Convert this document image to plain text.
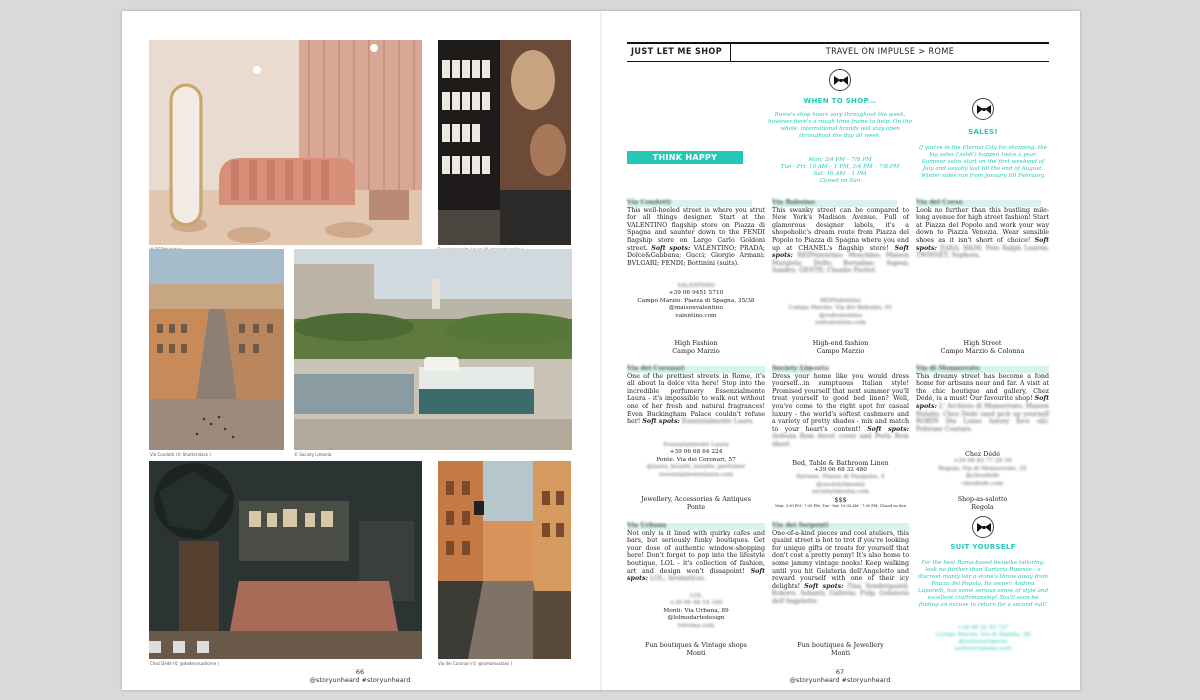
Via Condotti (© Shutterstock )	© Society Limonta
Chez Dédé (© @dedecnsudrome )	Via dei Coronari (© @romamostaisi )
66
@storyunheard #storyunheard
JUST LET ME SHOP	TRAVEL ON IMPULSE > ROME
WHEN TO SHOP...
Rome's shop hours vary throughout the week, however here's a rough time frame to help. On the whole, international brands will stay open throughout the day all week.
Mon: 3/4 PM – 7/8 PM
Tue - Fri: 10 AM – 1 PM, 3/4 PM – 7/8 PM
Sat: 10 AM – 1 PM
Closed on Sun
SALES!
If you're in the Eternal City for shopping, the big sales ('saldi') happen twice a year. Summer sales start on the first weekend of July and usually last till the end of August. Winter sales run from January till February.
THINK HAPPY THOUGHTS

Via Condotti

This well-heeled street is where you strut for all things designer. Start at the VALENTINO flagship store on Piazza di Spagna and saunter down to the FENDI flagship store on Largo Carlo Goldoni street. Soft spots: VALENTINO; PRADA; Dolce&Gabbana; Gucci; Giorgio Armani; BVLGARI; FENDI; Bottinini (suits).

VALENTINO
+39 06 9451 5710
Campo Marzio: Piazza di Spagna, 35/38
@maisonvalentino
valentino.com
High Fashion
Campo Marzio

Via Babuino

This swanky street can be compared to New York's Madison Avenue. Full of glamorous designer labels, it's a shopoholic's dream route from Piazza del Popolo to Piazza di Spagna where you end up at CHANEL's flagship store! Soft spots: REDValentino; Moschino; Maison Margiela; Delfo; Borsaline; Aspesi; Sandro; GENTE; Claudie Pierlot.

REDValentino
Campo Marzio: Via del Babuino, 61
@redvalentino
redvalentino.com
High-end fashion
Campo Marzio

Via del Corso

Look no further than this bustling mile-long avenue for high street fashion! Start at Piazza del Popolo and work your way down to Piazza Venezia. Wear sensible shoes as it isn't short of choice! Soft spots: ZARA; H&M; Polo Ralph Lauren; TWINSET; Sephora.

High Street
Campo Marzio & Colonna

Via dei Coronari

One of the prettiest streets in Rome, it's all about la dolce vita here! Stop into the incredible perfumery Essenzialmente Laura - it's impossible to walk out without one of her fresh and natural fragrances! Even Buckingham Palace couldn't refuse her! Soft spots: Essenzialmente Laura

Essenzialmente Laura
+39 06 68 64 224
Ponte: Via dei Coronari, 57
@laura_bosetti_tonatto_perfumer
essenzialmentelaura.com
Jewellery, Accessories & Antiques
Ponte

Society Limonta

Dress your home like you would dress yourself...in sumptuous Italian style! Promised yourself that next summer you'll treat yourself to good bed linen? Well, you've come to the right spot for casual luxury - the world's softest cashmere and a variety of pretty shades - mix and match to your heart's content! Soft spots: Ardesia Rem duvet cover and Perla Rem sheet.

Bed, Table & Bathroom Linen
+39 06 68 32 480
Parione: Piazza di Pasquino, 4
@societylimonta
societylimonta.com
$$$
Mon: 3:30 PM - 7:30 PM; Tue - Sat: 10:30 AM - 7:30 PM; Closed on Sun

Via di Monserrato

This dreamy street has become a fond home for artisans near and far. A visit at the chic boutique and gallery, Chez Dédé, is a must! Our favourite shop! Soft spots: L' Archivio di Monserrato; Maison Halaby; Chez Dédé (and pick up yourself ROBIN Dia Lusso luxury face oil); Poltrone Couture.

Chez Dédé
+39 06 83 77 29 34
Regola: Via di Monserrato, 35
@chezdede
chezdede.com
Shop-as-salotto
Regola

Via Urbana

Not only is it lined with quirky cafes and bars, but seriously funky boutiques. Get your dose of authentic window-shopping here! Don't forget to pop into the lifestyle boutique, LOL - it's collection of fashion, art and design won't dissapoint! Soft spots: LOL; Aromaticus.

LOL
+39 06 48 14 160
Monti: Via Urbana, 89
@lolmodartedesign
lolroma.com
Fun boutiques & Vintage shops
Monti

Via dei Serpenti

One-of-a-kind pieces and cool ateliers, this quaint street is hot to trot if you're looking for unique gifts or treats for yourself that don't cost a pretty penny! It's also home to some jammy vintage nooks! Keep walking until you hit Gelateria dell'Angeletto and reward yourself with one of their icy delights! Soft spots: Tina Sondergaard; Kokoro; Ashanti; Galleria; Pulp; Gelateria dell'Angeletto.

Fun boutiques & Jewellery
Monti
SUIT YOURSELF
For the best Roma-based bespoke tailoring, look no further than Sartoria Ripense - a discreet manly lair a stone's throw away from Piazza del Popolo. Its owner, Andrea Luparelli, has some serious sense of style and excellent craftsmanship! You'll soon be finding an excuse to return for a second suit!
+39 06 32 50 737
Campo Marzio: Via di Ripetta, 38
@sartoriaripense
sartoriaripense.com
67
@storyunheard #storyunheard
